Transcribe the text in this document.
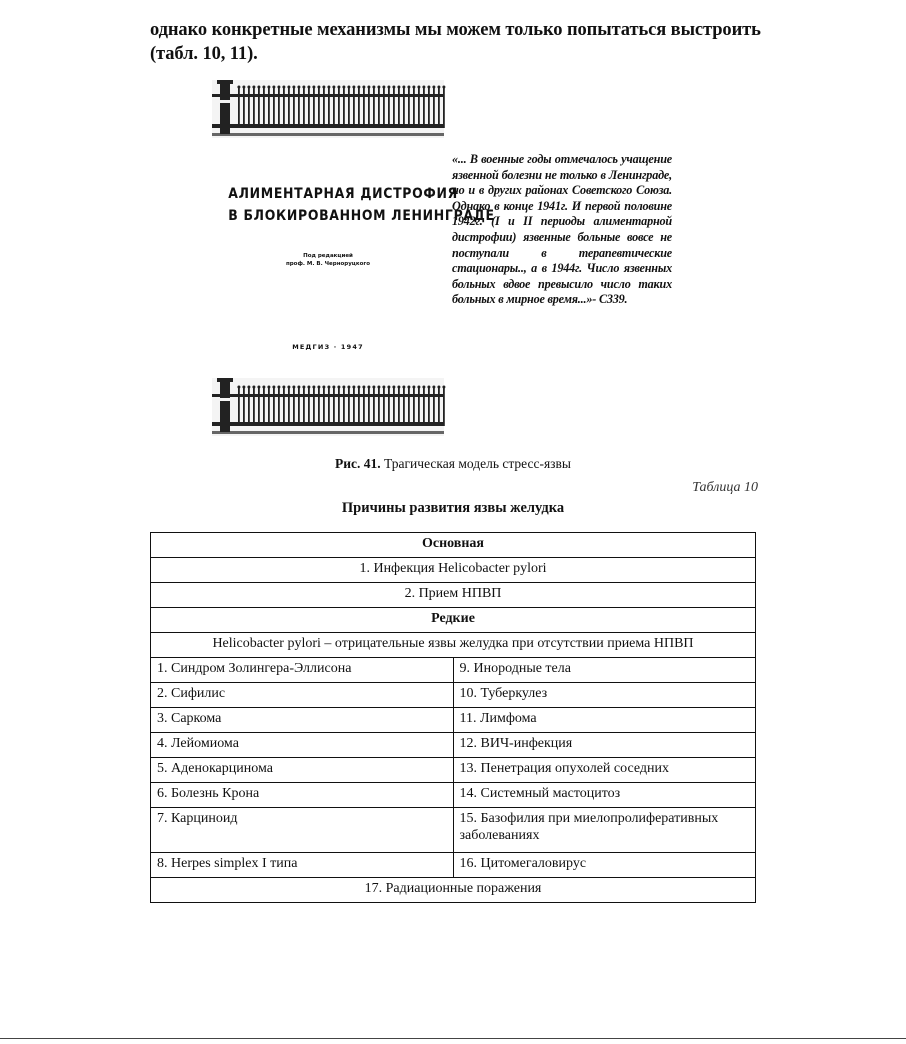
однако конкретные механизмы мы можем только попытаться выстроить

(табл. 10, 11).

АЛИМЕНТАРНАЯ ДИСТРОФИЯ
В БЛОКИРОВАННОМ ЛЕНИНГРАДЕ
Под редакцией
проф. М. В. Черноруцкого
МЕДГИЗ · 1947
«... В военные годы отмечалось учащение язвенной болезни не только в Ленинграде, но и в других районах Советского Союза. Однако в конце 1941г. И первой половине 1942г. (I и II периоды алиментарной дистрофии) язвенные больные вовсе не поступали в терапевтические стационары.., а в 1944г. Число язвенных больных вдвое превысило число таких больных в мирное время...»- С339.
Рис. 41. Трагическая модель стресс-язвы
Таблица 10
Причины развития язвы желудка
Основная	
1. Инфекция Helicobacter pylori	
2. Прием НПВП	
Редкие	
Helicobacter pylori – отрицательные язвы желудка при отсутствии приема НПВП	
1. Синдром Золингера-Эллисона	9. Инородные тела
2. Сифилис	10. Туберкулез
3. Саркома	11. Лимфома
4. Лейомиома	12. ВИЧ-инфекция
5. Аденокарцинома	13. Пенетрация опухолей соседних
6. Болезнь Крона	14. Системный мастоцитоз
7. Карциноид	15. Базофилия при миелопролиферативных заболеваниях
8. Herpes simplex I типа	16. Цитомегаловирус
17. Радиационные поражения	
